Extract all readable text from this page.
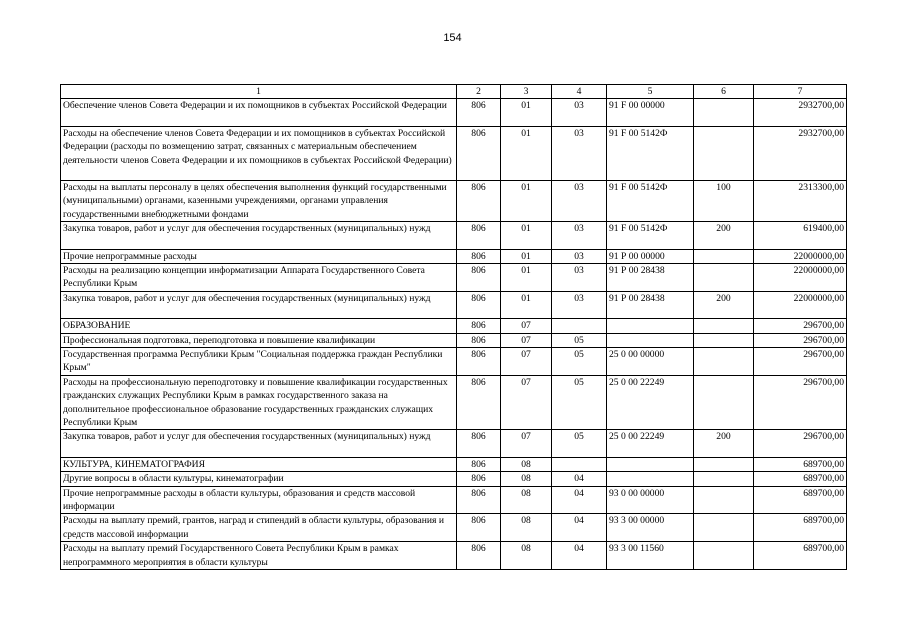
154
1	2	3	4	5	6	7
Обеспечение членов Совета Федерации и их помощников в субъектах Российской Федерации	806	01	03	91 F 00 00000		2932700,00
Расходы на обеспечение членов Совета Федерации и их помощников в субъектах Российской Федерации (расходы по возмещению затрат, связанных с материальным обеспечением деятельности членов Совета Федерации и их помощников в субъектах Российской Федерации)	806	01	03	91 F 00 5142Ф		2932700,00
Расходы на выплаты персоналу в целях обеспечения выполнения функций государственными (муниципальными) органами, казенными учреждениями, органами управления государственными внебюджетными фондами	806	01	03	91 F 00 5142Ф	100	2313300,00
Закупка товаров, работ и услуг для обеспечения государственных (муниципальных) нужд	806	01	03	91 F 00 5142Ф	200	619400,00
Прочие непрограммные расходы	806	01	03	91 Р 00 00000		22000000,00
Расходы на реализацию концепции информатизации Аппарата Государственного Совета Республики Крым	806	01	03	91 Р 00 28438		22000000,00
Закупка товаров, работ и услуг для обеспечения государственных (муниципальных) нужд	806	01	03	91 Р 00 28438	200	22000000,00
ОБРАЗОВАНИЕ	806	07				296700,00
Профессиональная подготовка, переподготовка и повышение квалификации	806	07	05			296700,00
Государственная программа Республики Крым "Социальная поддержка граждан Республики Крым"	806	07	05	25 0 00 00000		296700,00
Расходы на профессиональную переподготовку и повышение квалификации государственных гражданских служащих Республики Крым в рамках государственного заказа на дополнительное профессиональное образование государственных гражданских служащих Республики Крым	806	07	05	25 0 00 22249		296700,00
Закупка товаров, работ и услуг для обеспечения государственных (муниципальных) нужд	806	07	05	25 0 00 22249	200	296700,00
КУЛЬТУРА, КИНЕМАТОГРАФИЯ	806	08				689700,00
Другие вопросы в области культуры, кинематографии	806	08	04			689700,00
Прочие непрограммные расходы в области культуры, образования и средств массовой информации	806	08	04	93 0 00 00000		689700,00
Расходы на выплату премий, грантов, наград и стипендий в области культуры, образования и средств массовой информации	806	08	04	93 3 00 00000		689700,00
Расходы на выплату премий Государственного Совета Республики Крым в рамках непрограммного мероприятия в области культуры	806	08	04	93 3 00 11560		689700,00
